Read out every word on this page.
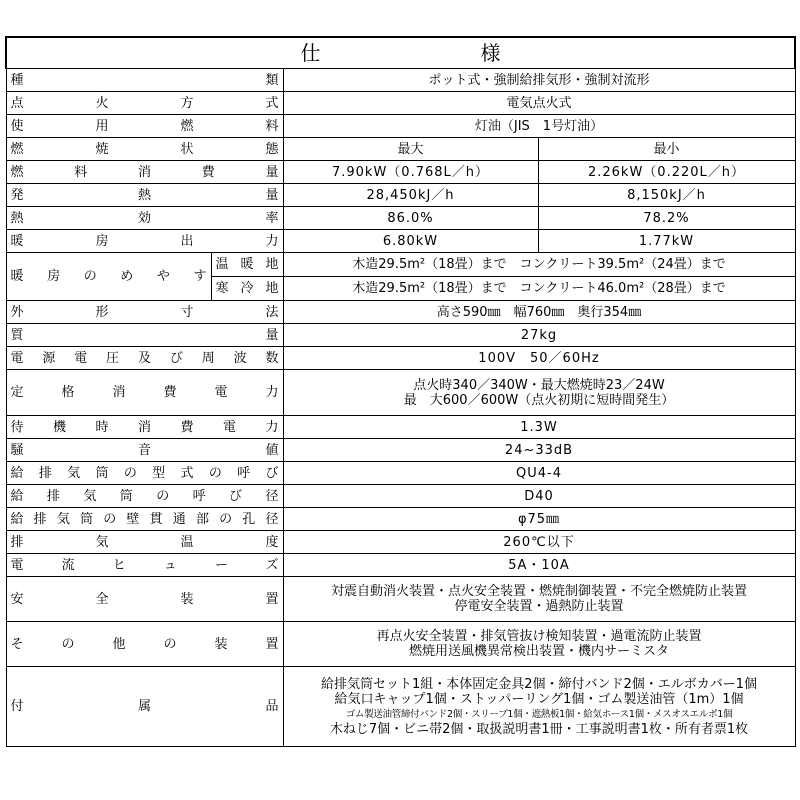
仕 様			
種類		ポット式・強制給排気形・強制対流形	
点火方式		電気点火式	
使用燃料		灯油（JIS　1号灯油）	
燃焼状態		最大	最小
燃料消費量		7.90kW（0.768L／h）	2.26kW（0.220L／h）
発熱量		28,450kJ／h	8,150kJ／h
熱効率		86.0%	78.2%
暖房出力		6.80kW	1.77kW
暖房のめやす	温暖地	木造29.5m²（18畳）まで　コンクリート39.5m²（24畳）まで	
	寒冷地	木造29.5m²（18畳）まで　コンクリート46.0m²（28畳）まで	
外形寸法		高さ590㎜　幅760㎜　奥行354㎜	
質量		27kg	
電源電圧及び周波数		100V　50／60Hz	
定格消費電力		点火時340／340W・最大燃焼時23／24W
最　大600／600W（点火初期に短時間発生）	

待機時消費電力		1.3W	
騒音値		24~33dB	
給排気筒の型式の呼び		QU4-4	
給排気筒の呼び径		D40	
給排気筒の壁貫通部の孔径		φ75㎜	
排気温度		260℃以下	
電流ヒューズ		5A・10A	
安全装置		対震自動消火装置・点火安全装置・燃焼制御装置・不完全燃焼防止装置
停電安全装置・過熱防止装置	

その他の装置		再点火安全装置・排気管抜け検知装置・過電流防止装置
燃焼用送風機異常検出装置・機内サーミスタ	

付属品		給排気筒セット1組・本体固定金具2個・締付バンド2個・エルボカバー1個
給気口キャップ1個・ストッパーリング1個・ゴム製送油管（1m）1個
ゴム製送油管締付バンド2個・スリーブ1個・遮熱板1個・給気ホース1個・メスオスエルボ1個
木ねじ7個・ビニ帯2個・取扱説明書1冊・工事説明書1枚・所有者票1枚	
